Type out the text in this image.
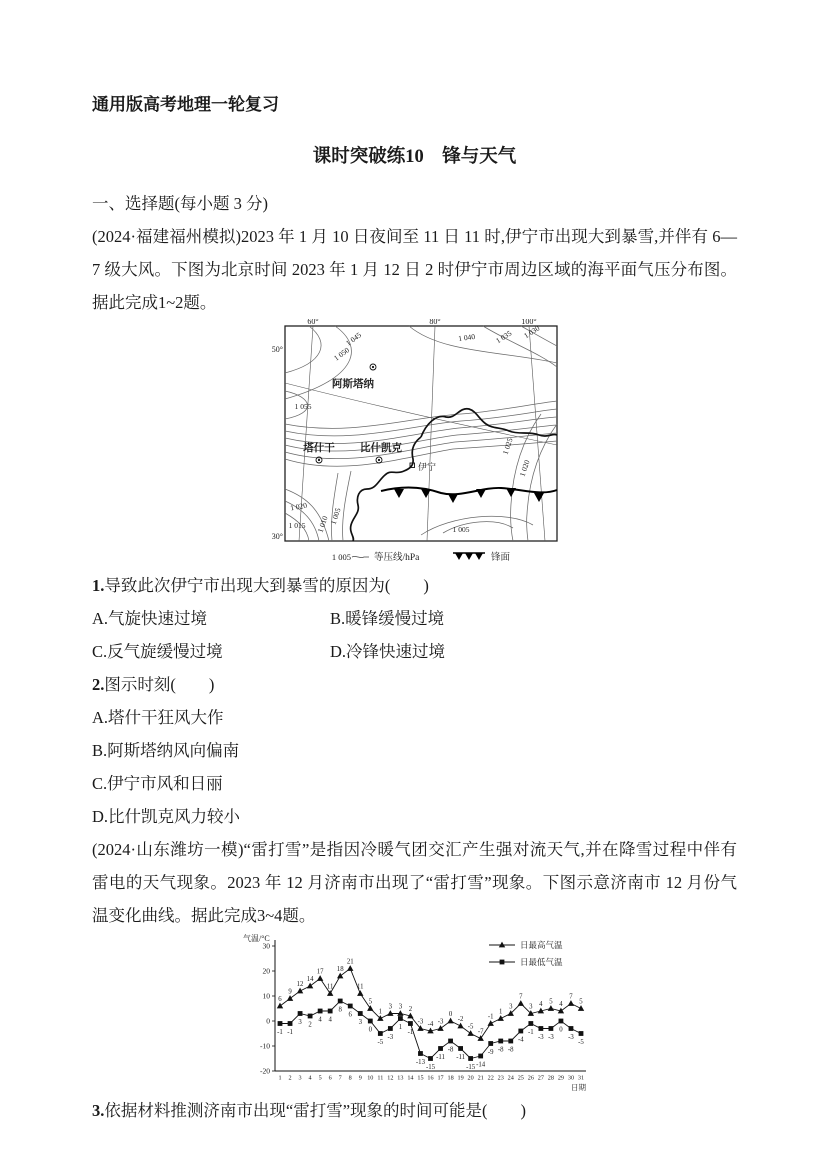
通用版高考地理一轮复习
课时突破练10　锋与天气
一、选择题(每小题 3 分)
(2024·福建福州模拟)2023 年 1 月 10 日夜间至 11 日 11 时,伊宁市出现大到暴雪,并伴有 6—7 级大风。下图为北京时间 2023 年 1 月 12 日 2 时伊宁市周边区域的海平面气压分布图。据此完成1~2题。
60°	80°	100°
50°
30°
1 045
1 050
1 040 1 035 1 030
1 055
1 025
1 020
1 020
1 015	1 005
1 010	1 005
阿斯塔纳
塔什干 比什凯克
伊宁
1 005 等压线/hPa	锋面
1.导致此次伊宁市出现大到暴雪的原因为(　　)
A.气旋快速过境	B.暖锋缓慢过境
C.反气旋缓慢过境	D.冷锋快速过境
2.图示时刻(　　)
A.塔什干狂风大作
B.阿斯塔纳风向偏南
C.伊宁市风和日丽
D.比什凯克风力较小
(2024·山东潍坊一模)“雷打雪”是指因冷暖气团交汇产生强对流天气,并在降雪过程中伴有雷电的天气现象。2023 年 12 月济南市出现了“雷打雪”现象。下图示意济南市 12 月份气温变化曲线。据此完成3~4题。
30
20
10
0
-10
-20
1 2 3 4 5 6 7 8 9 10 11 12 13 14 15 16 17 18 19 20 21 22 23 24 25 26 27 28 29 30 31
气温/°C
日期
6
9
12
14
17
11
18
21
11
5
1
3 3 2
-3 -4 -3
0
-2
-5
-7
-1
1
3
7
3 4 5 4
7
5
-1 -1
3 2
4 4
8
6
3
0
-5
-3
1
-1
-13
-15
-11
-8
-11
-15 -14
-9 -8 -8
-4
-1
-3 -3
0
-3
-5
日最高气温
日最低气温
3.依据材料推测济南市出现“雷打雪”现象的时间可能是(　　)
